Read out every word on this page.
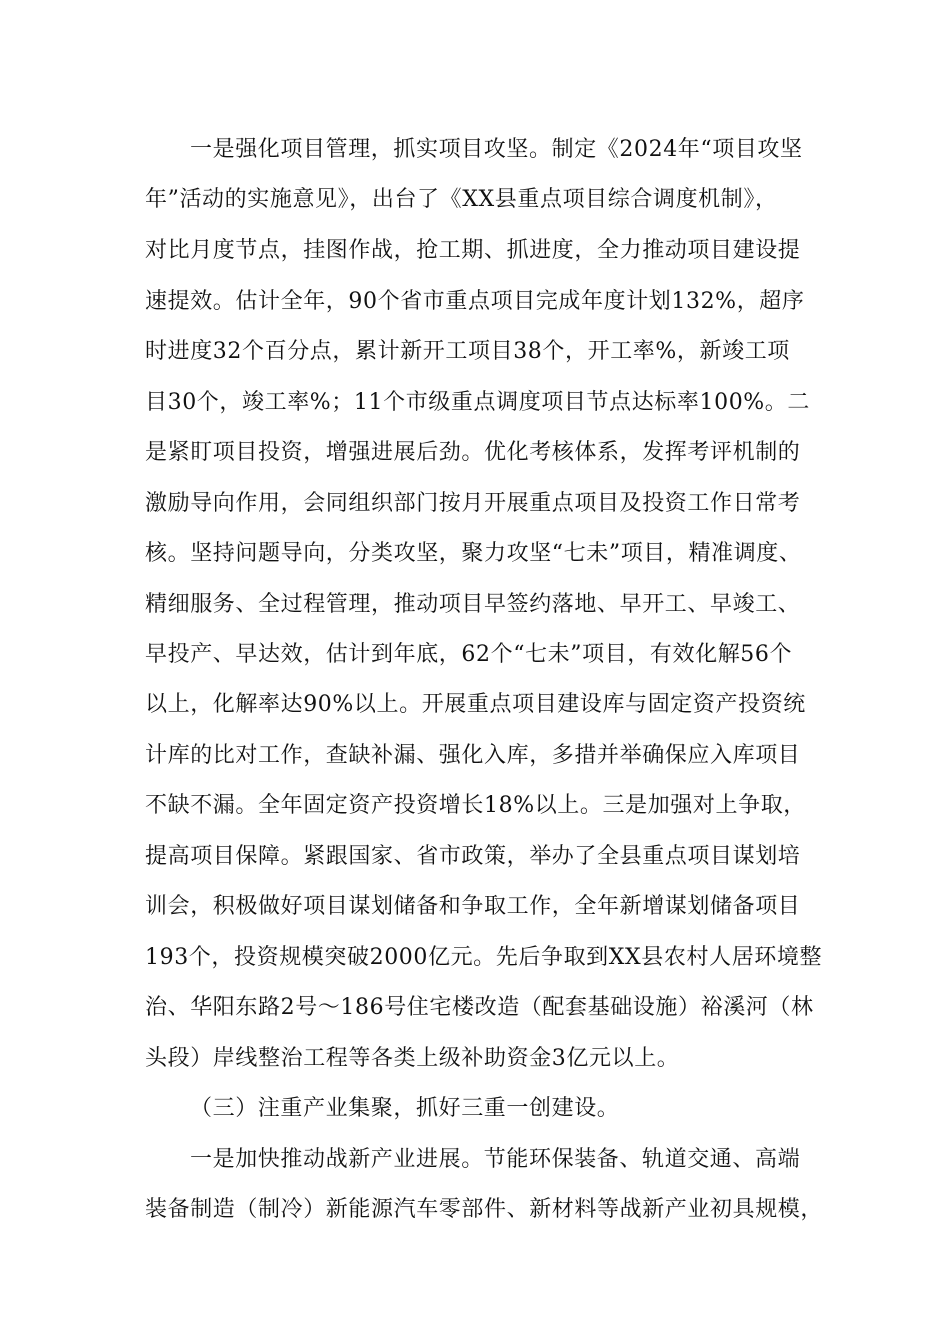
一是强化项目管理，抓实项目攻坚。制定《2024年“项目攻坚
年”活动的实施意见》，出台了《XX县重点项目综合调度机制》，
对比月度节点，挂图作战，抢工期、抓进度，全力推动项目建设提
速提效。估计全年，90个省市重点项目完成年度计划132%，超序
时进度32个百分点，累计新开工项目38个，开工率%，新竣工项
目30个，竣工率%；11个市级重点调度项目节点达标率100%。二
是紧盯项目投资，增强进展后劲。优化考核体系，发挥考评机制的
激励导向作用，会同组织部门按月开展重点项目及投资工作日常考
核。坚持问题导向，分类攻坚，聚力攻坚“七未”项目，精准调度、
精细服务、全过程管理，推动项目早签约落地、早开工、早竣工、
早投产、早达效，估计到年底，62个“七未”项目，有效化解56个
以上，化解率达90%以上。开展重点项目建设库与固定资产投资统
计库的比对工作，查缺补漏、强化入库，多措并举确保应入库项目
不缺不漏。全年固定资产投资增长18%以上。三是加强对上争取，
提高项目保障。紧跟国家、省市政策，举办了全县重点项目谋划培
训会，积极做好项目谋划储备和争取工作，全年新增谋划储备项目
193个，投资规模突破2000亿元。先后争取到XX县农村人居环境整
治、华阳东路2号～186号住宅楼改造（配套基础设施）裕溪河（林
头段）岸线整治工程等各类上级补助资金3亿元以上。
（三）注重产业集聚，抓好三重一创建设。
一是加快推动战新产业进展。节能环保装备、轨道交通、高端
装备制造（制冷）新能源汽车零部件、新材料等战新产业初具规模，
